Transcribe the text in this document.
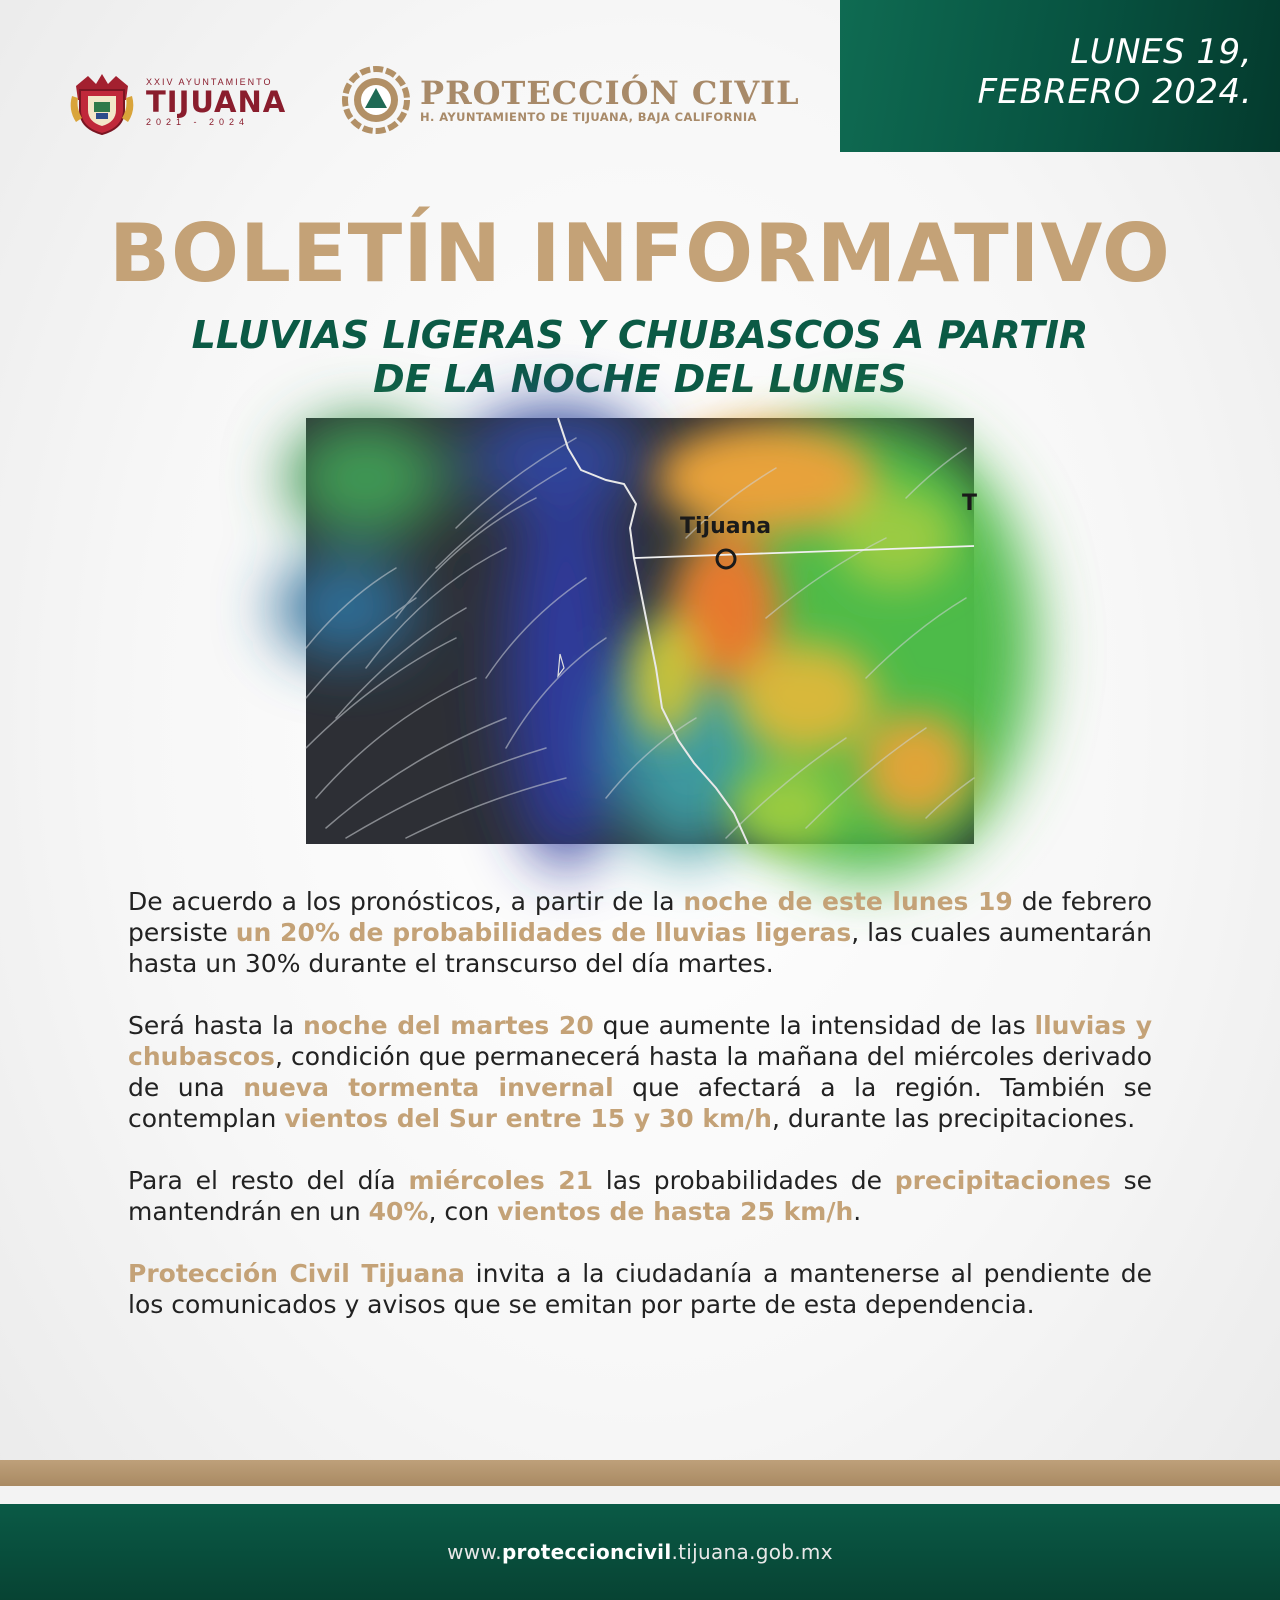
LUNES 19,
FEBRERO 2024.
XXIV AYUNTAMIENTO
TIJUANA
2021 - 2024
PROTECCIÓN CIVIL
H. AYUNTAMIENTO DE TIJUANA, BAJA CALIFORNIA
BOLETÍN INFORMATIVO
LLUVIAS LIGERAS Y CHUBASCOS A PARTIR
DE LA NOCHE DEL LUNES
Tijuana
T

De acuerdo a los pronósticos, a partir de la noche de este lunes 19 de febrero persiste un 20% de probabilidades de lluvias ligeras, las cuales aumentarán hasta un 30% durante el transcurso del día martes.

Será hasta la noche del martes 20 que aumente la intensidad de las lluvias y chubascos, condición que permanecerá hasta la mañana del miércoles derivado de una nueva tormenta invernal que afectará a la región. También se contemplan vientos del Sur entre 15 y 30 km/h, durante las precipitaciones.

Para el resto del día miércoles 21 las probabilidades de precipitaciones se mantendrán en un 40%, con vientos de hasta 25 km/h.

Protección Civil Tijuana invita a la ciudadanía a mantenerse al pendiente de los comunicados y avisos que se emitan por parte de esta dependencia.

www.proteccioncivil.tijuana.gob.mx
